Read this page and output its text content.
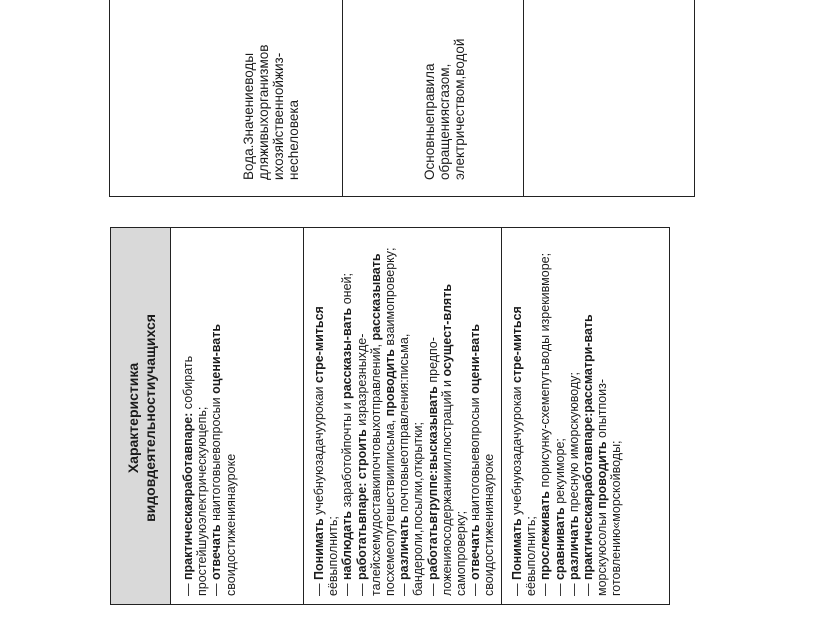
Вода.Значениеводы дляживыхорганизмов ихозяйственнойжиз- нechеловека	Основныеправила обращениясгазом, электричеством,водой
Характеристика видовдеятельностиучащихся

— практическаяработавпаре: собирать простейшуюэлектрическуюцепь; — отвечать наитоговыевопросыи оцени-вать своидостижениянауроке	— Понимать учебнуюзадачуурокаи стре-миться еёвыполнить; — наблюдать заработойпочты и рассказы-вать оней;

— работатьвпаре: строить изразрезныхде-талейсхемудоставкипочтовыхотправлений, рассказывать посхемеопутешествииписьма, проводить взаимопроверку;

— различать почтовыеотправления:письма, бандероли,посылки,открытки; — работатьвгруппе:высказывать предпо-ложенияосодержаниииллюстраций и осущест-влять самопроверку; — отвечать наитоговыевопросыи оцени-вать своидостижениянауроке — Понимать учебнуюзадачуурокаи стре-миться еёвыполнить; — прослеживать порисунку-схемепутьводы изрекивморе;

— сравнивать рекуиморе;

— различать пресную иморскуюводу;

— практическаяработавпаре:рассматри-вать морскуюсольи проводить опытпоиз-готовлению«морскойводы;
